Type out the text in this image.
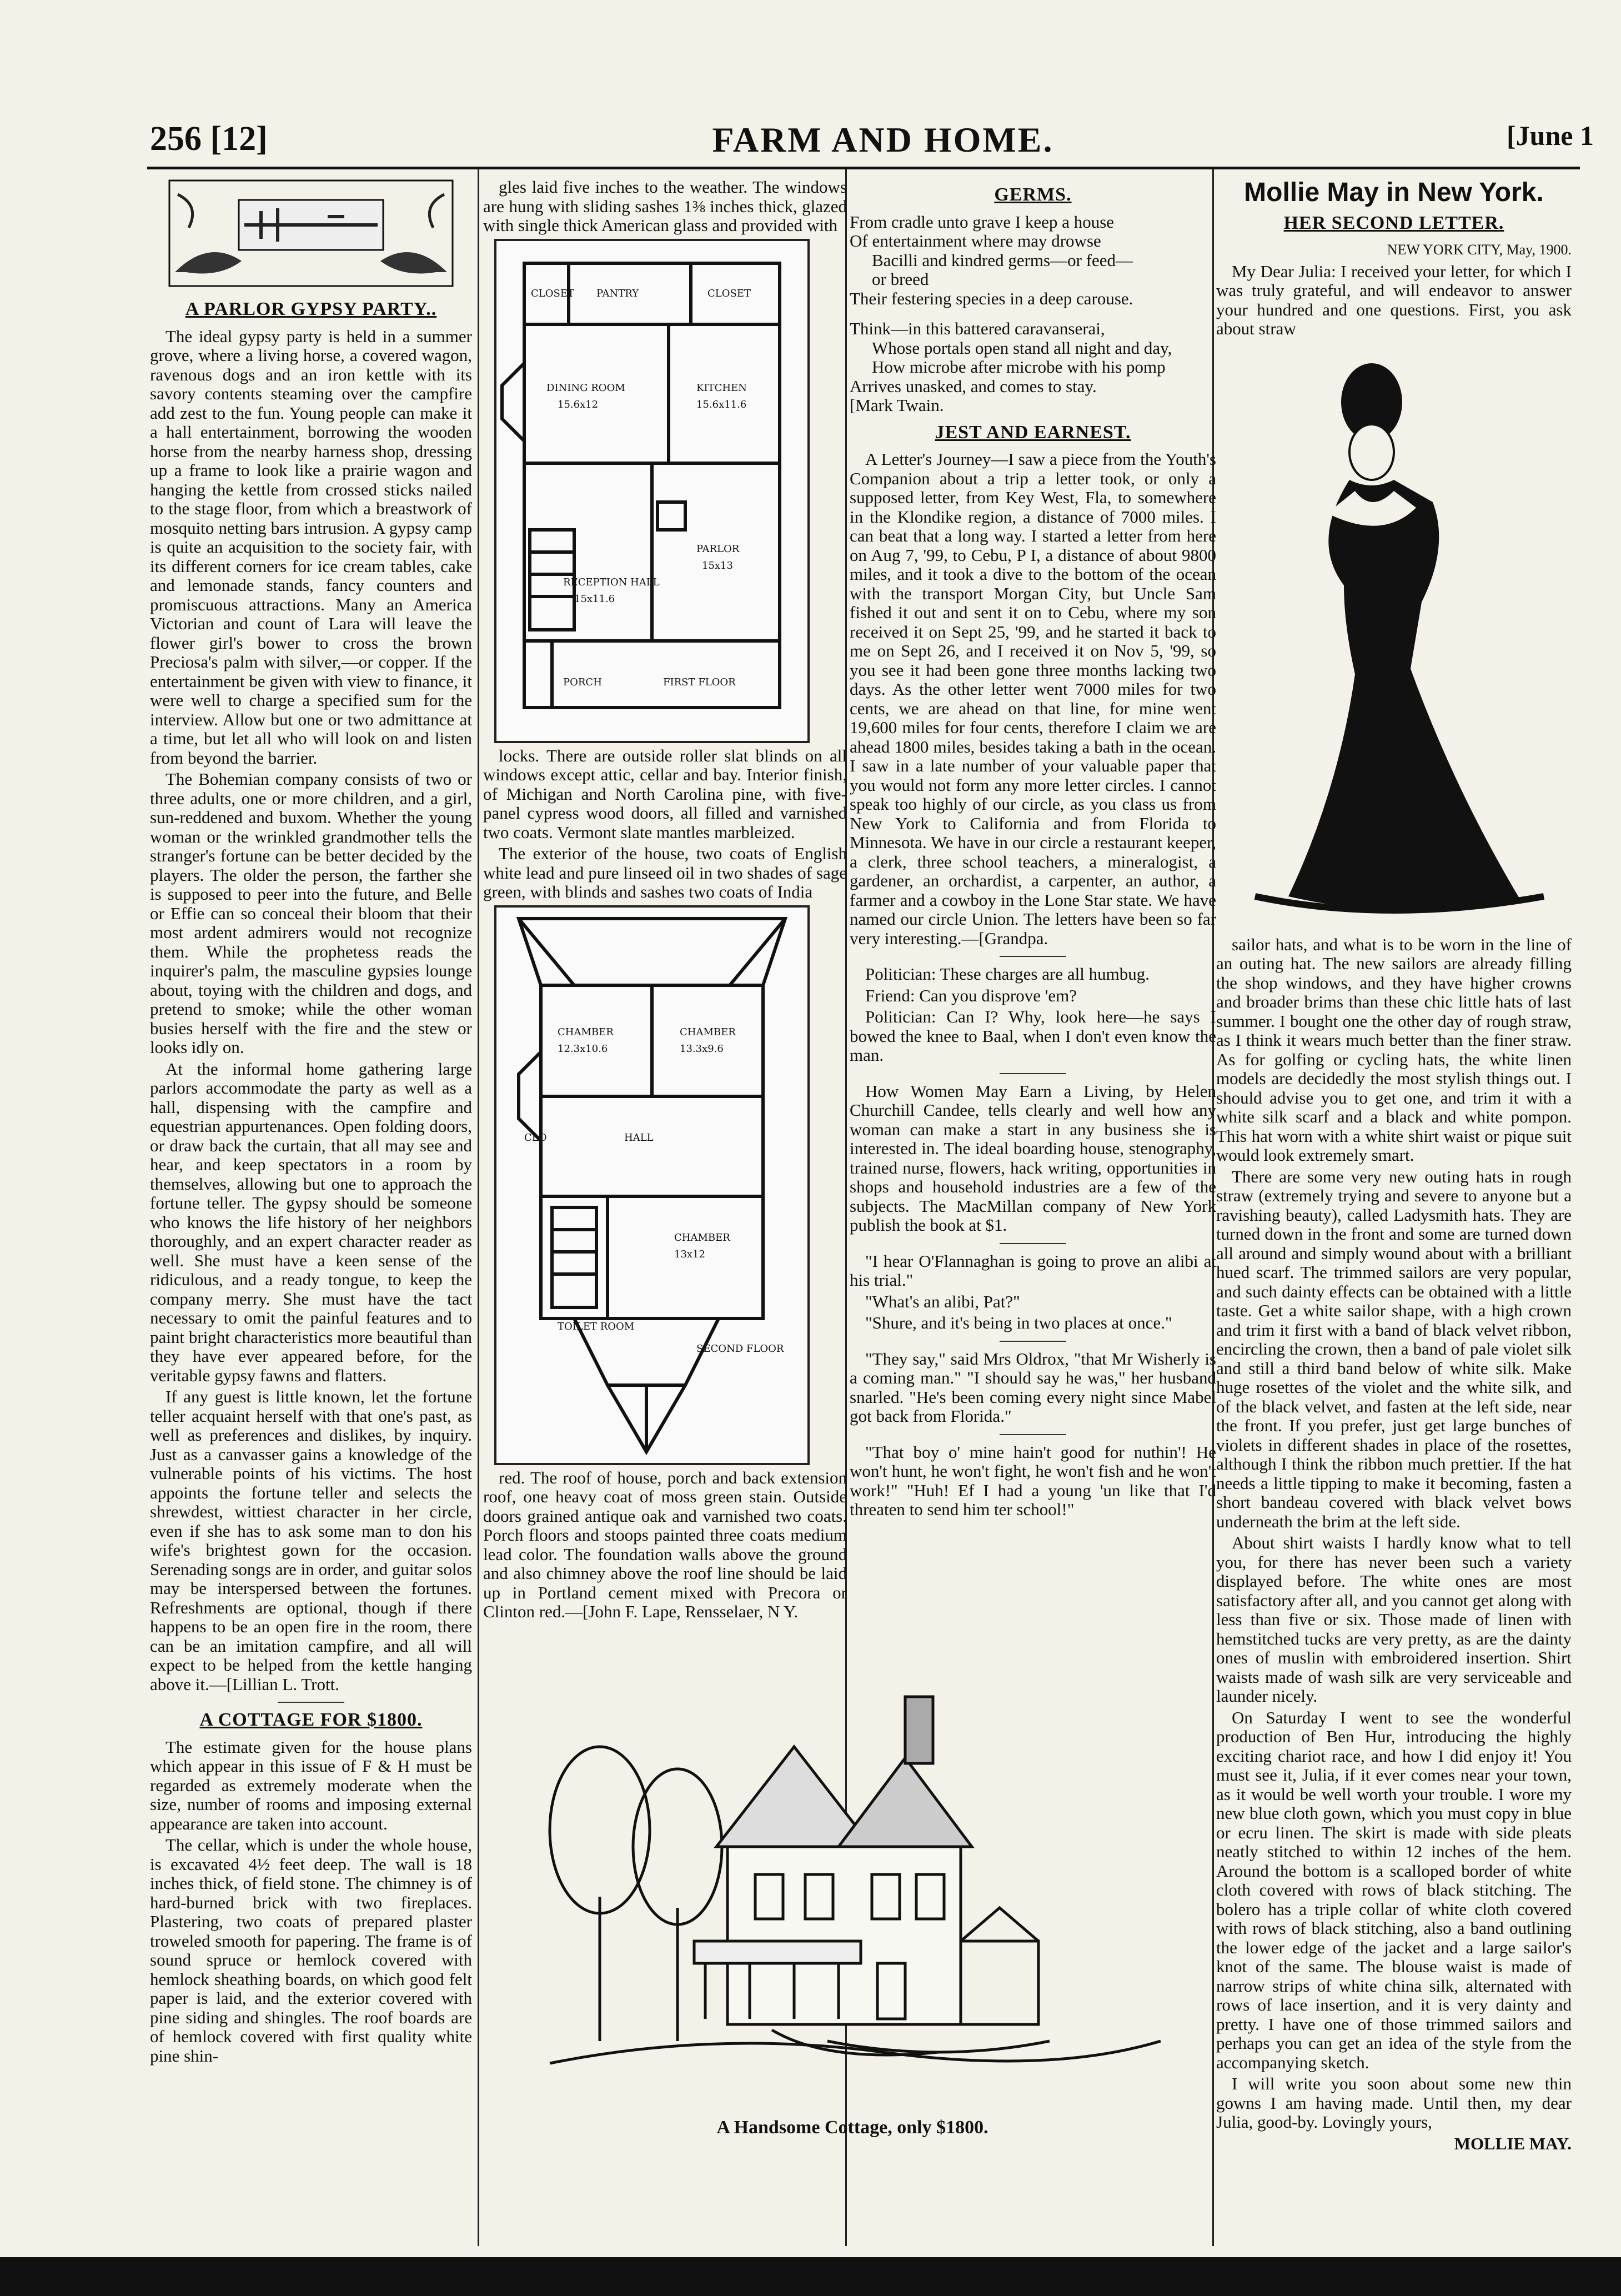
256 [12]	FARM AND HOME.	[June 1
A PARLOR GYPSY PARTY..

The ideal gypsy party is held in a summer grove, where a living horse, a covered wagon, ravenous dogs and an iron kettle with its savory contents steaming over the campfire add zest to the fun. Young people can make it a hall entertainment, borrowing the wooden horse from the nearby harness shop, dressing up a frame to look like a prairie wagon and hanging the kettle from crossed sticks nailed to the stage floor, from which a breastwork of mosquito netting bars intrusion. A gypsy camp is quite an acquisition to the society fair, with its different corners for ice cream tables, cake and lemonade stands, fancy counters and promiscuous attractions. Many an America Victorian and count of Lara will leave the flower girl's bower to cross the brown Preciosa's palm with silver,—or copper. If the entertainment be given with view to finance, it were well to charge a specified sum for the interview. Allow but one or two admittance at a time, but let all who will look on and listen from beyond the barrier.

The Bohemian company consists of two or three adults, one or more children, and a girl, sun-reddened and buxom. Whether the young woman or the wrinkled grandmother tells the stranger's fortune can be better decided by the players. The older the person, the farther she is supposed to peer into the future, and Belle or Effie can so conceal their bloom that their most ardent admirers would not recognize them. While the prophetess reads the inquirer's palm, the masculine gypsies lounge about, toying with the children and dogs, and pretend to smoke; while the other woman busies herself with the fire and the stew or looks idly on.

At the informal home gathering large parlors accommodate the party as well as a hall, dispensing with the campfire and equestrian appurtenances. Open folding doors, or draw back the curtain, that all may see and hear, and keep spectators in a room by themselves, allowing but one to approach the fortune teller. The gypsy should be someone who knows the life history of her neighbors thoroughly, and an expert character reader as well. She must have a keen sense of the ridiculous, and a ready tongue, to keep the company merry. She must have the tact necessary to omit the painful features and to paint bright characteristics more beautiful than they have ever appeared before, for the veritable gypsy fawns and flatters.

If any guest is little known, let the fortune teller acquaint herself with that one's past, as well as preferences and dislikes, by inquiry. Just as a canvasser gains a knowledge of the vulnerable points of his victims. The host appoints the fortune teller and selects the shrewdest, wittiest character in her circle, even if she has to ask some man to don his wife's brightest gown for the occasion. Serenading songs are in order, and guitar solos may be interspersed between the fortunes. Refreshments are optional, though if there happens to be an open fire in the room, there can be an imitation campfire, and all will expect to be helped from the kettle hanging above it.—[Lillian L. Trott.

A COTTAGE FOR $1800.

The estimate given for the house plans which appear in this issue of F & H must be regarded as extremely moderate when the size, number of rooms and imposing external appearance are taken into account.

The cellar, which is under the whole house, is excavated 4½ feet deep. The wall is 18 inches thick, of field stone. The chimney is of hard-burned brick with two fireplaces. Plastering, two coats of prepared plaster troweled smooth for papering. The frame is of sound spruce or hemlock covered with hemlock sheathing boards, on which good felt paper is laid, and the exterior covered with pine siding and shingles. The roof boards are of hemlock covered with first quality white pine shin-

gles laid five inches to the weather. The windows are hung with sliding sashes 1⅜ inches thick, glazed with single thick American glass and provided with

CLOSET PANTRY	CLOSET
DINING ROOM
15.6x12
KITCHEN
15.6x11.6
PARLOR
15x13
RECEPTION HALL
15x11.6
PORCH	FIRST FLOOR

locks. There are outside roller slat blinds on all windows except attic, cellar and bay. Interior finish, of Michigan and North Carolina pine, with five-panel cypress wood doors, all filled and varnished two coats. Vermont slate mantles marbleized.

The exterior of the house, two coats of English white lead and pure linseed oil in two shades of sage green, with blinds and sashes two coats of India

CHAMBER
12.3x10.6
CHAMBER
13.3x9.6
HALL
CLO
CHAMBER
13x12
TOILET ROOM
SECOND FLOOR

red. The roof of house, porch and back extension roof, one heavy coat of moss green stain. Outside doors grained antique oak and varnished two coats. Porch floors and stoops painted three coats medium lead color. The foundation walls above the ground and also chimney above the roof line should be laid up in Portland cement mixed with Precora or Clinton red.—[John F. Lape, Rensselaer, N Y.

GERMS.

From cradle unto grave I keep a house

Of entertainment where may drowse

Bacilli and kindred germs—or feed—

or breed

Their festering species in a deep carouse.

Think—in this battered caravanserai,

Whose portals open stand all night and day,

How microbe after microbe with his pomp

Arrives unasked, and comes to stay.

[Mark Twain.

JEST AND EARNEST.

A Letter's Journey—I saw a piece from the Youth's Companion about a trip a letter took, or only a supposed letter, from Key West, Fla, to somewhere in the Klondike region, a distance of 7000 miles. I can beat that a long way. I started a letter from here on Aug 7, '99, to Cebu, P I, a distance of about 9800 miles, and it took a dive to the bottom of the ocean with the transport Morgan City, but Uncle Sam fished it out and sent it on to Cebu, where my son received it on Sept 25, '99, and he started it back to me on Sept 26, and I received it on Nov 5, '99, so you see it had been gone three months lacking two days. As the other letter went 7000 miles for two cents, we are ahead on that line, for mine went 19,600 miles for four cents, therefore I claim we are ahead 1800 miles, besides taking a bath in the ocean. I saw in a late number of your valuable paper that you would not form any more letter circles. I cannot speak too highly of our circle, as you class us from New York to California and from Florida to Minnesota. We have in our circle a restaurant keeper, a clerk, three school teachers, a mineralogist, a gardener, an orchardist, a carpenter, an author, a farmer and a cowboy in the Lone Star state. We have named our circle Union. The letters have been so far very interesting.—[Grandpa.

Politician: These charges are all humbug.

Friend: Can you disprove 'em?

Politician: Can I? Why, look here—he says I bowed the knee to Baal, when I don't even know the man.

How Women May Earn a Living, by Helen Churchill Candee, tells clearly and well how any woman can make a start in any business she is interested in. The ideal boarding house, stenography, trained nurse, flowers, hack writing, opportunities in shops and household industries are a few of the subjects. The MacMillan company of New York publish the book at $1.

"I hear O'Flannaghan is going to prove an alibi at his trial."

"What's an alibi, Pat?"

"Shure, and it's being in two places at once."

"They say," said Mrs Oldrox, "that Mr Wisherly is a coming man." "I should say he was," her husband snarled. "He's been coming every night since Mabel got back from Florida."

"That boy o' mine hain't good for nuthin'! He won't hunt, he won't fight, he won't fish and he won't work!" "Huh! Ef I had a young 'un like that I'd threaten to send him ter school!"

A Handsome Cottage, only $1800.
Mollie May in New York.
HER SECOND LETTER.

NEW YORK CITY, May, 1900.

My Dear Julia: I received your letter, for which I was truly grateful, and will endeavor to answer your hundred and one questions. First, you ask about straw

sailor hats, and what is to be worn in the line of an outing hat. The new sailors are already filling the shop windows, and they have higher crowns and broader brims than these chic little hats of last summer. I bought one the other day of rough straw, as I think it wears much better than the finer straw. As for golfing or cycling hats, the white linen models are decidedly the most stylish things out. I should advise you to get one, and trim it with a white silk scarf and a black and white pompon. This hat worn with a white shirt waist or pique suit would look extremely smart.

There are some very new outing hats in rough straw (extremely trying and severe to anyone but a ravishing beauty), called Ladysmith hats. They are turned down in the front and some are turned down all around and simply wound about with a brilliant hued scarf. The trimmed sailors are very popular, and such dainty effects can be obtained with a little taste. Get a white sailor shape, with a high crown and trim it first with a band of black velvet ribbon, encircling the crown, then a band of pale violet silk and still a third band below of white silk. Make huge rosettes of the violet and the white silk, and of the black velvet, and fasten at the left side, near the front. If you prefer, just get large bunches of violets in different shades in place of the rosettes, although I think the ribbon much prettier. If the hat needs a little tipping to make it becoming, fasten a short bandeau covered with black velvet bows underneath the brim at the left side.

About shirt waists I hardly know what to tell you, for there has never been such a variety displayed before. The white ones are most satisfactory after all, and you cannot get along with less than five or six. Those made of linen with hemstitched tucks are very pretty, as are the dainty ones of muslin with embroidered insertion. Shirt waists made of wash silk are very serviceable and launder nicely.

On Saturday I went to see the wonderful production of Ben Hur, introducing the highly exciting chariot race, and how I did enjoy it! You must see it, Julia, if it ever comes near your town, as it would be well worth your trouble. I wore my new blue cloth gown, which you must copy in blue or ecru linen. The skirt is made with side pleats neatly stitched to within 12 inches of the hem. Around the bottom is a scalloped border of white cloth covered with rows of black stitching. The bolero has a triple collar of white cloth covered with rows of black stitching, also a band outlining the lower edge of the jacket and a large sailor's knot of the same. The blouse waist is made of narrow strips of white china silk, alternated with rows of lace insertion, and it is very dainty and pretty. I have one of those trimmed sailors and perhaps you can get an idea of the style from the accompanying sketch.

I will write you soon about some new thin gowns I am having made. Until then, my dear Julia, good-by. Lovingly yours,

MOLLIE MAY.
